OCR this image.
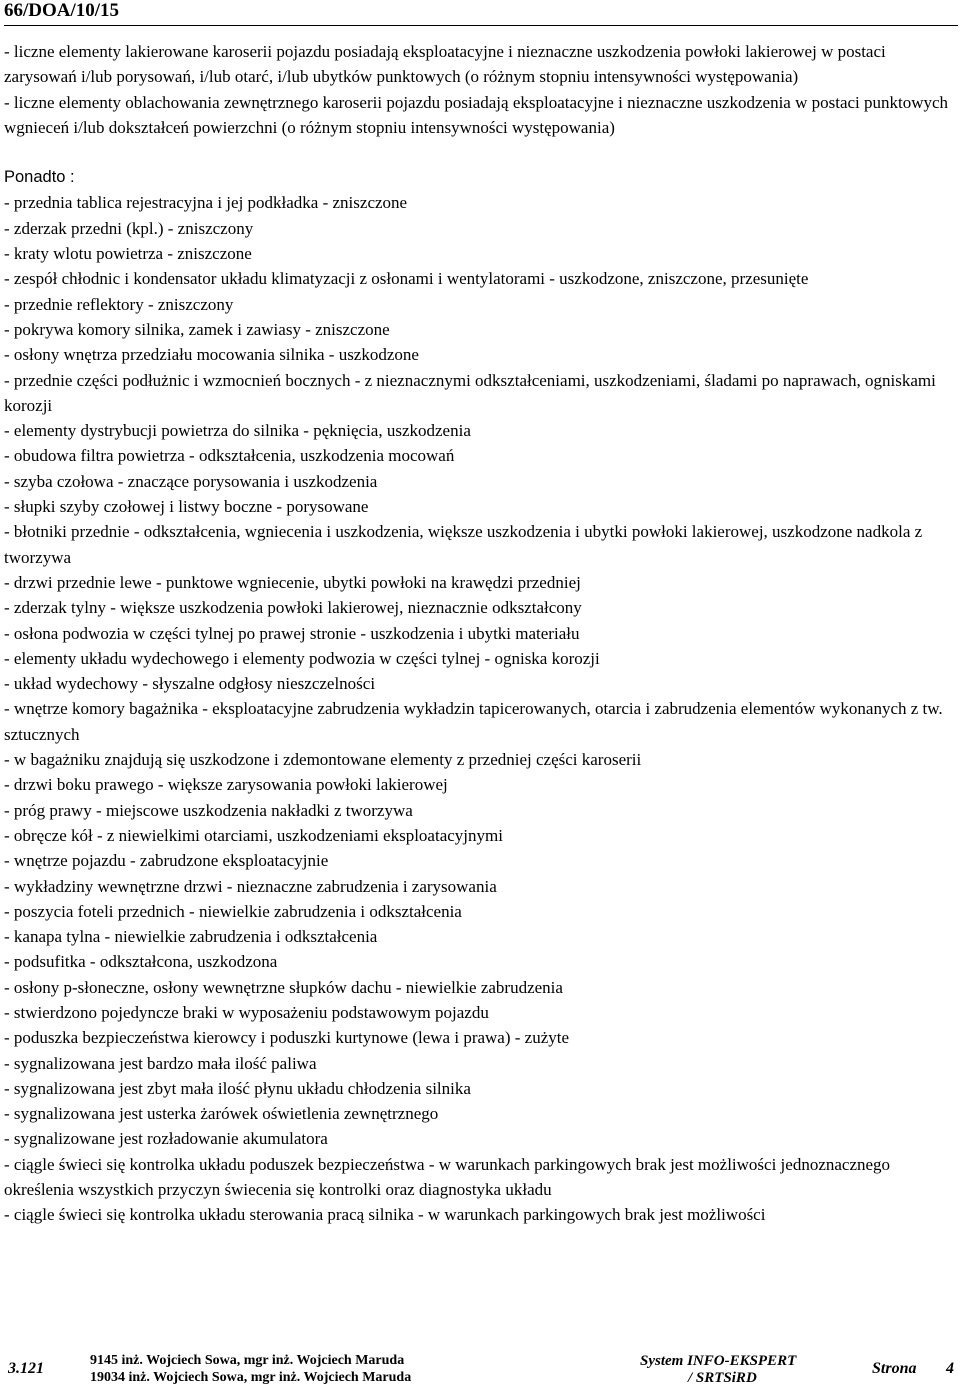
66/DOA/10/15

- liczne elementy lakierowane karoserii pojazdu posiadają eksploatacyjne i nieznaczne uszkodzenia powłoki lakierowej w postaci zarysowań i/lub porysowań, i/lub otarć, i/lub ubytków punktowych (o różnym stopniu intensywności występowania)

- liczne elementy oblachowania zewnętrznego karoserii pojazdu posiadają eksploatacyjne i nieznaczne uszkodzenia w postaci punktowych wgnieceń i/lub dokształceń powierzchni (o różnym stopniu intensywności występowania)

Ponadto :

- przednia tablica rejestracyjna i jej podkładka - zniszczone

- zderzak przedni (kpl.) - zniszczony

- kraty wlotu powietrza - zniszczone

- zespół chłodnic i kondensator układu klimatyzacji z osłonami i wentylatorami - uszkodzone, zniszczone, przesunięte

- przednie reflektory - zniszczony

- pokrywa komory silnika, zamek i zawiasy - zniszczone

- osłony wnętrza przedziału mocowania silnika - uszkodzone

- przednie części podłużnic i wzmocnień bocznych - z nieznacznymi odkształceniami, uszkodzeniami, śladami po naprawach, ogniskami korozji

- elementy dystrybucji powietrza do silnika - pęknięcia, uszkodzenia

- obudowa filtra powietrza - odkształcenia, uszkodzenia mocowań

- szyba czołowa - znaczące porysowania i uszkodzenia

- słupki szyby czołowej i listwy boczne - porysowane

- błotniki przednie - odkształcenia, wgniecenia i uszkodzenia, większe uszkodzenia i ubytki powłoki lakierowej, uszkodzone nadkola z tworzywa

- drzwi przednie lewe - punktowe wgniecenie, ubytki powłoki na krawędzi przedniej

- zderzak tylny - większe uszkodzenia powłoki lakierowej, nieznacznie odkształcony

- osłona podwozia w części tylnej po prawej stronie - uszkodzenia i ubytki materiału

- elementy układu wydechowego i elementy podwozia w części tylnej - ogniska korozji

- układ wydechowy - słyszalne odgłosy nieszczelności

- wnętrze komory bagażnika - eksploatacyjne zabrudzenia wykładzin tapicerowanych, otarcia i zabrudzenia elementów wykonanych z tw. sztucznych

- w bagażniku znajdują się uszkodzone i zdemontowane elementy z przedniej części karoserii

- drzwi boku prawego - większe zarysowania powłoki lakierowej

- próg prawy - miejscowe uszkodzenia nakładki z tworzywa

- obręcze kół - z niewielkimi otarciami, uszkodzeniami eksploatacyjnymi

- wnętrze pojazdu - zabrudzone eksploatacyjnie

- wykładziny wewnętrzne drzwi - nieznaczne zabrudzenia i zarysowania

- poszycia foteli przednich - niewielkie zabrudzenia i odkształcenia

- kanapa tylna - niewielkie zabrudzenia i odkształcenia

- podsufitka - odkształcona, uszkodzona

- osłony p-słoneczne, osłony wewnętrzne słupków dachu - niewielkie zabrudzenia

- stwierdzono pojedyncze braki w wyposażeniu podstawowym pojazdu

- poduszka bezpieczeństwa kierowcy i poduszki kurtynowe (lewa i prawa) - zużyte

- sygnalizowana jest bardzo mała ilość paliwa

- sygnalizowana jest zbyt mała ilość płynu układu chłodzenia silnika

- sygnalizowana jest usterka żarówek oświetlenia zewnętrznego

- sygnalizowane jest rozładowanie akumulatora

- ciągle świeci się kontrolka układu poduszek bezpieczeństwa - w warunkach parkingowych brak jest możliwości jednoznacznego określenia wszystkich przyczyn świecenia się kontrolki oraz diagnostyka układu

- ciągle świeci się kontrolka układu sterowania pracą silnika - w warunkach parkingowych brak jest możliwości

3.121	9145 inż. Wojciech Sowa, mgr inż. Wojciech Maruda
19034 inż. Wojciech Sowa, mgr inż. Wojciech Maruda
System INFO-EKSPERT
/ SRTSiRD
Strona 4
